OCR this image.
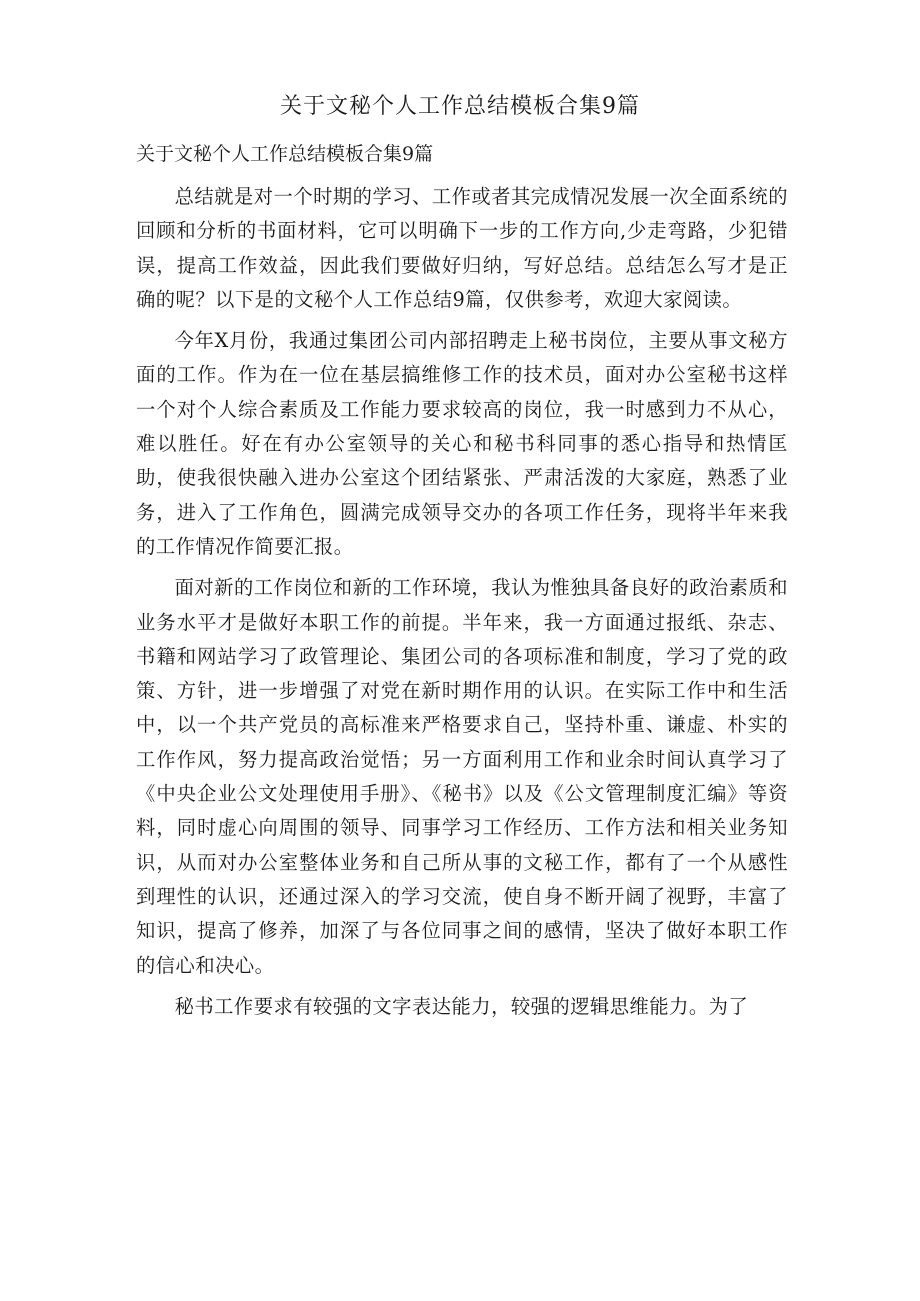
关于文秘个人工作总结模板合集9篇

关于文秘个人工作总结模板合集9篇

总结就是对一个时期的学习、工作或者其完成情况发展一次全面系统的回顾和分析的书面材料，它可以明确下一步的工作方向,少走弯路，少犯错误，提高工作效益，因此我们要做好归纳，写好总结。总结怎么写才是正确的呢？以下是的文秘个人工作总结9篇，仅供参考，欢迎大家阅读。

今年X月份，我通过集团公司内部招聘走上秘书岗位，主要从事文秘方面的工作。作为在一位在基层搞维修工作的技术员，面对办公室秘书这样一个对个人综合素质及工作能力要求较高的岗位，我一时感到力不从心，难以胜任。好在有办公室领导的关心和秘书科同事的悉心指导和热情匡助，使我很快融入进办公室这个团结紧张、严肃活泼的大家庭，熟悉了业务，进入了工作角色，圆满完成领导交办的各项工作任务，现将半年来我的工作情况作简要汇报。

面对新的工作岗位和新的工作环境，我认为惟独具备良好的政治素质和业务水平才是做好本职工作的前提。半年来，我一方面通过报纸、杂志、书籍和网站学习了政管理论、集团公司的各项标准和制度，学习了党的政策、方针，进一步增强了对党在新时期作用的认识。在实际工作中和生活中，以一个共产党员的高标准来严格要求自己，坚持朴重、谦虚、朴实的工作作风，努力提高政治觉悟；另一方面利用工作和业余时间认真学习了《中央企业公文处理使用手册》、《秘书》以及《公文管理制度汇编》等资料，同时虚心向周围的领导、同事学习工作经历、工作方法和相关业务知识，从而对办公室整体业务和自己所从事的文秘工作，都有了一个从感性到理性的认识，还通过深入的学习交流，使自身不断开阔了视野，丰富了知识，提高了修养，加深了与各位同事之间的感情，坚决了做好本职工作的信心和决心。

秘书工作要求有较强的文字表达能力，较强的逻辑思维能力。为了
